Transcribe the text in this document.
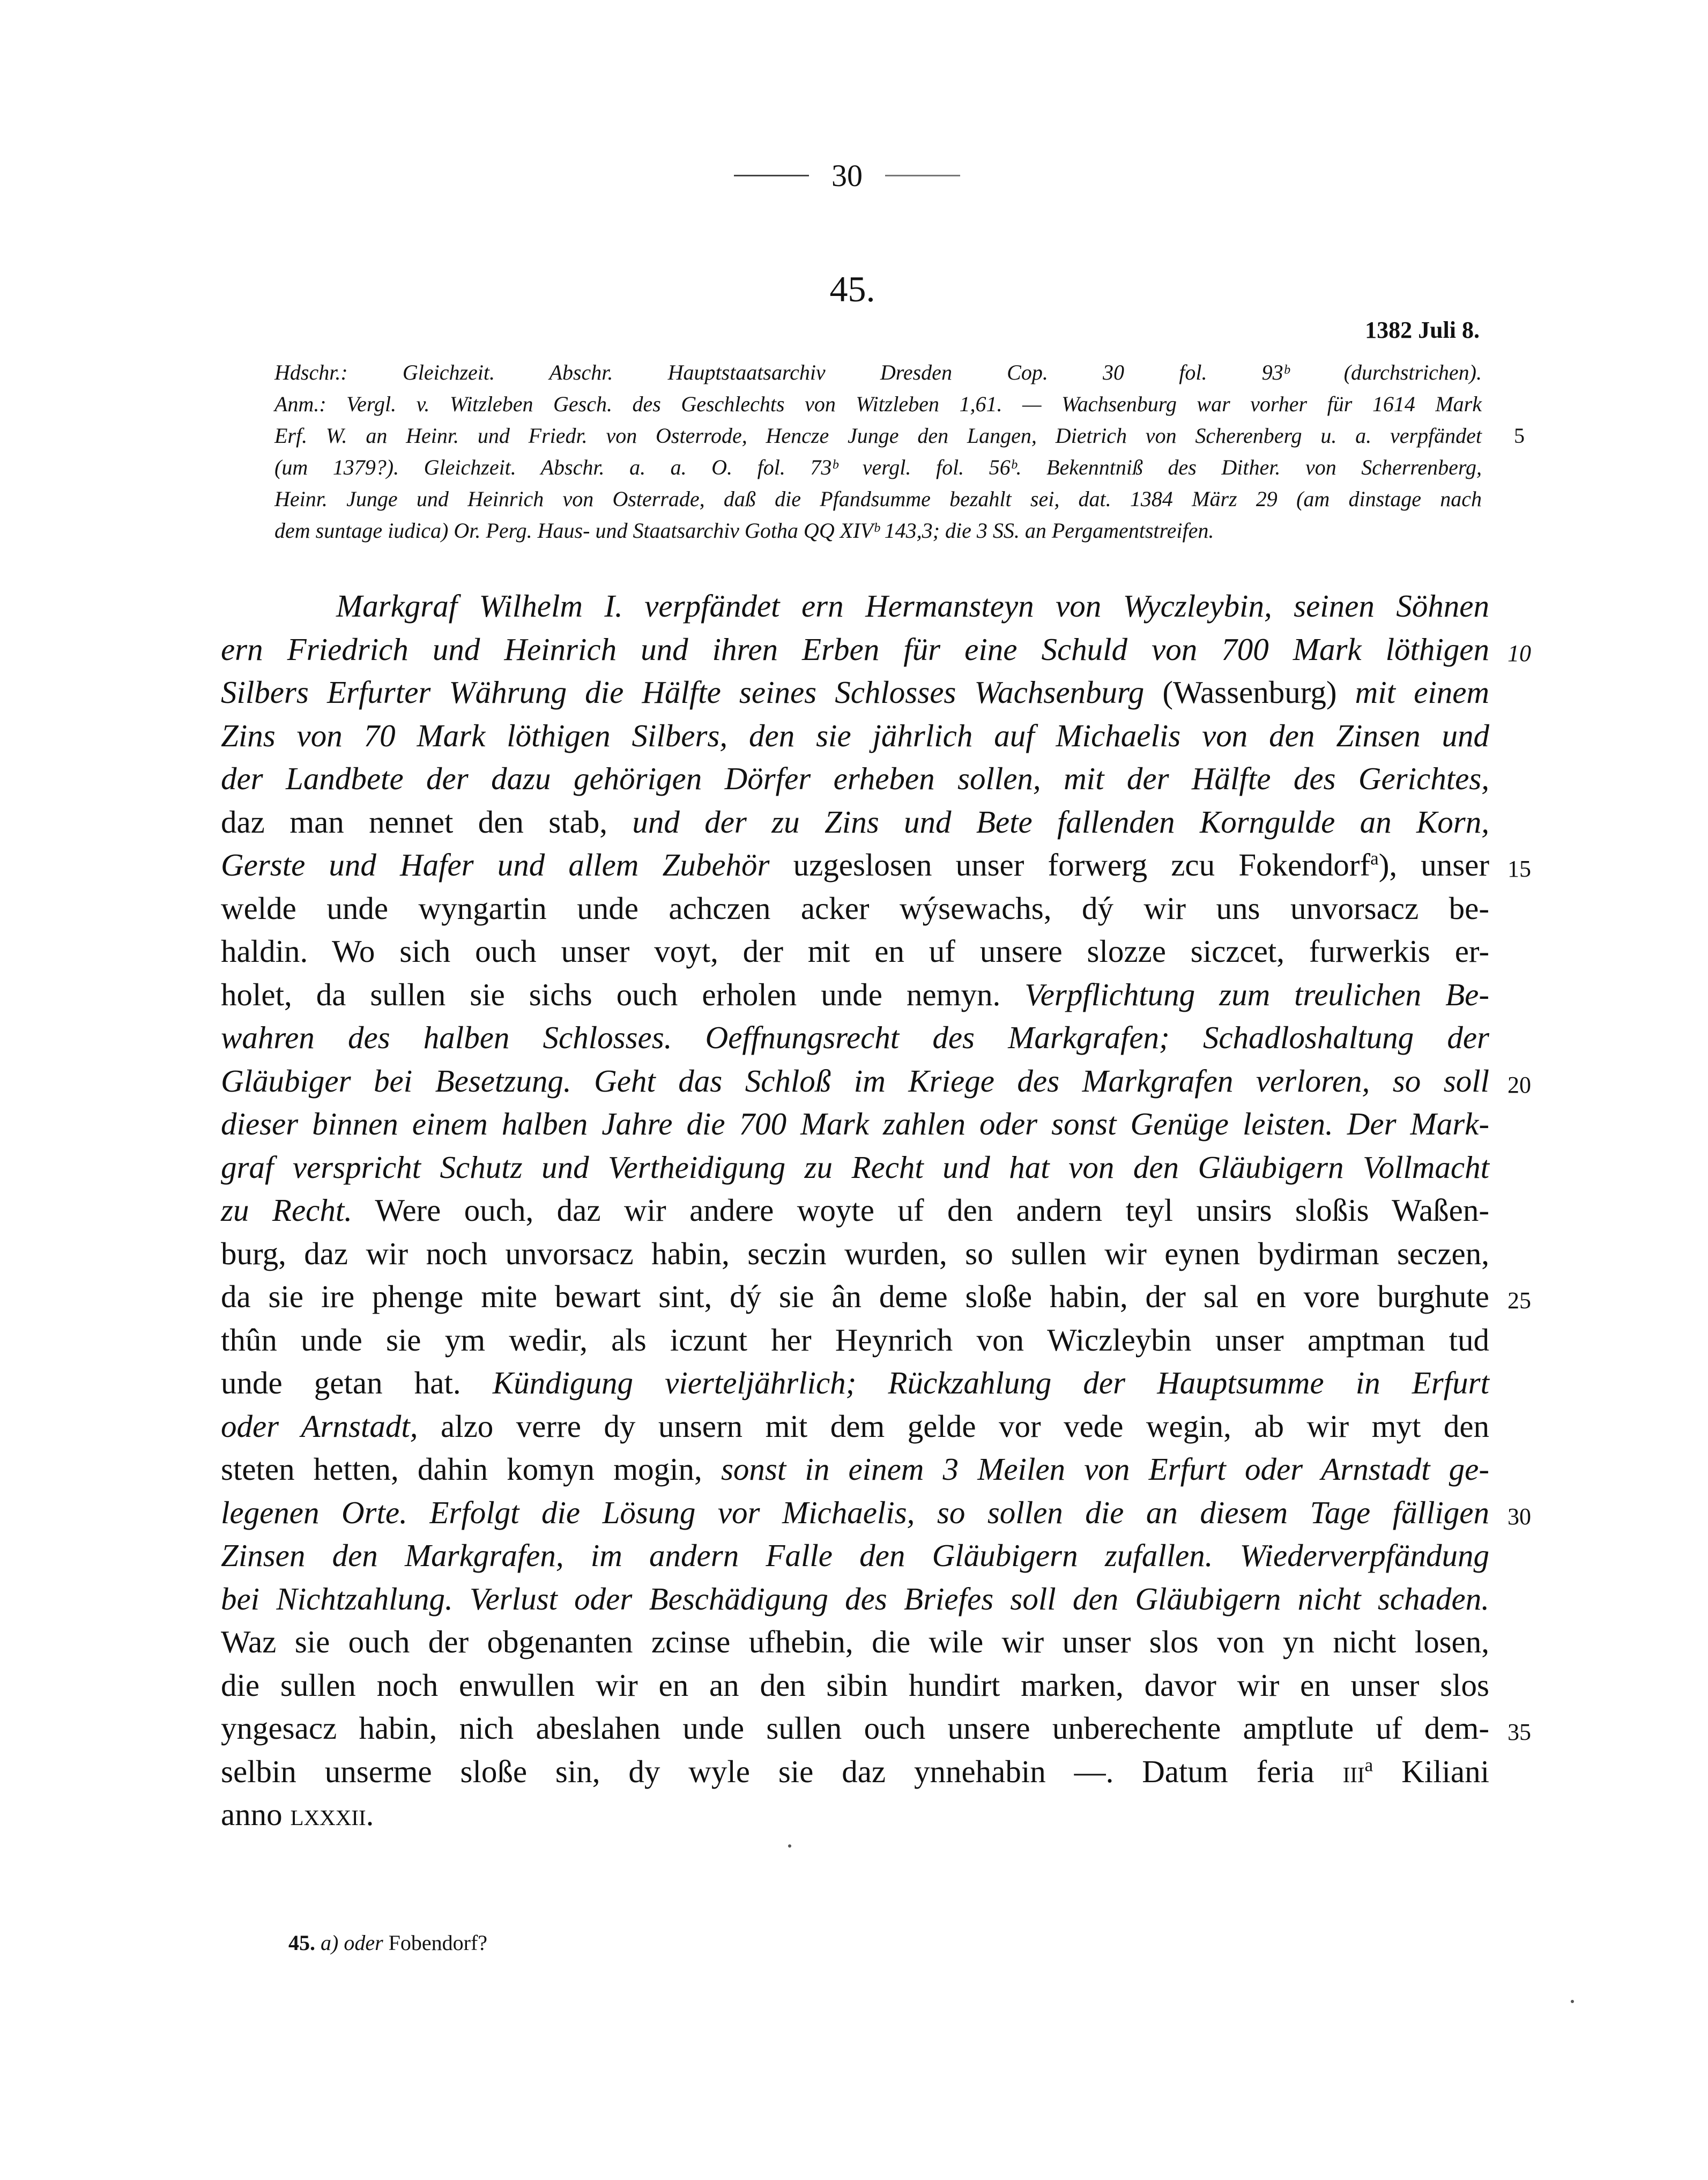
30
45.
1382 Juli 8.
Hdschr.: Gleichzeit. Abschr. Hauptstaatsarchiv Dresden Cop. 30 fol. 93ᵇ (durchstrichen).
Anm.: Vergl. v. Witzleben Gesch. des Geschlechts von Witzleben 1,61. — Wachsenburg war vorher für 1614 Mark
Erf. W. an Heinr. und Friedr. von Osterrode, Hencze Junge den Langen, Dietrich von Scherenberg u. a. verpfändet 5
(um 1379?). Gleichzeit. Abschr. a. a. O. fol. 73ᵇ vergl. fol. 56ᵇ. Bekenntniß des Dither. von Scherrenberg,
Heinr. Junge und Heinrich von Osterrade, daß die Pfandsumme bezahlt sei, dat. 1384 März 29 (am dinstage nach
dem suntage iudica) Or. Perg. Haus- und Staatsarchiv Gotha QQ XIVᵇ 143,3; die 3 SS. an Pergamentstreifen.
Markgraf Wilhelm I. verpfändet ern Hermansteyn von Wyczleybin, seinen Söhnen
ern Friedrich und Heinrich und ihren Erben für eine Schuld von 700 Mark löthigen 10
Silbers Erfurter Währung die Hälfte seines Schlosses Wachsenburg (Wassenburg) mit einem
Zins von 70 Mark löthigen Silbers, den sie jährlich auf Michaelis von den Zinsen und
der Landbete der dazu gehörigen Dörfer erheben sollen, mit der Hälfte des Gerichtes,
daz man nennet den stab, und der zu Zins und Bete fallenden Korngulde an Korn,
Gerste und Hafer und allem Zubehör uzgeslosen unser forwerg zcu Fokendorf$^a$), unser 15
welde unde wyngartin unde achczen acker wýsewachs, dý wir uns unvorsacz be-
haldin. Wo sich ouch unser voyt, der mit en uf unsere slozze siczcet, furwerkis er-
holet, da sullen sie sichs ouch erholen unde nemyn. Verpflichtung zum treulichen Be-
wahren des halben Schlosses. Oeffnungsrecht des Markgrafen; Schadloshaltung der
Gläubiger bei Besetzung. Geht das Schloß im Kriege des Markgrafen verloren, so soll 20
dieser binnen einem halben Jahre die 700 Mark zahlen oder sonst Genüge leisten. Der Mark-
graf verspricht Schutz und Vertheidigung zu Recht und hat von den Gläubigern Vollmacht
zu Recht. Were ouch, daz wir andere woyte uf den andern teyl unsirs sloßis Waßen-
burg, daz wir noch unvorsacz habin, seczin wurden, so sullen wir eynen bydirman seczen,
da sie ire phenge mite bewart sint, dý sie ân deme sloße habin, der sal en vore burghute 25
thûn unde sie ym wedir, als iczunt her Heynrich von Wiczleybin unser amptman tud
unde getan hat. Kündigung vierteljährlich; Rückzahlung der Hauptsumme in Erfurt
oder Arnstadt, alzo verre dy unsern mit dem gelde vor vede wegin, ab wir myt den
steten hetten, dahin komyn mogin, sonst in einem 3 Meilen von Erfurt oder Arnstadt ge-
legenen Orte. Erfolgt die Lösung vor Michaelis, so sollen die an diesem Tage fälligen 30
Zinsen den Markgrafen, im andern Falle den Gläubigern zufallen. Wiederverpfändung
bei Nichtzahlung. Verlust oder Beschädigung des Briefes soll den Gläubigern nicht schaden.
Waz sie ouch der obgenanten zcinse ufhebin, die wile wir unser slos von yn nicht losen,
die sullen noch enwullen wir en an den sibin hundirt marken, davor wir en unser slos
yngesacz habin, nich abeslahen unde sullen ouch unsere unberechente amptlute uf dem- 35
selbin unserme sloße sin, dy wyle sie daz ynnehabin —. Datum feria iii$^a$ Kiliani
anno lxxxii.
45. a) oder Fobendorf?
